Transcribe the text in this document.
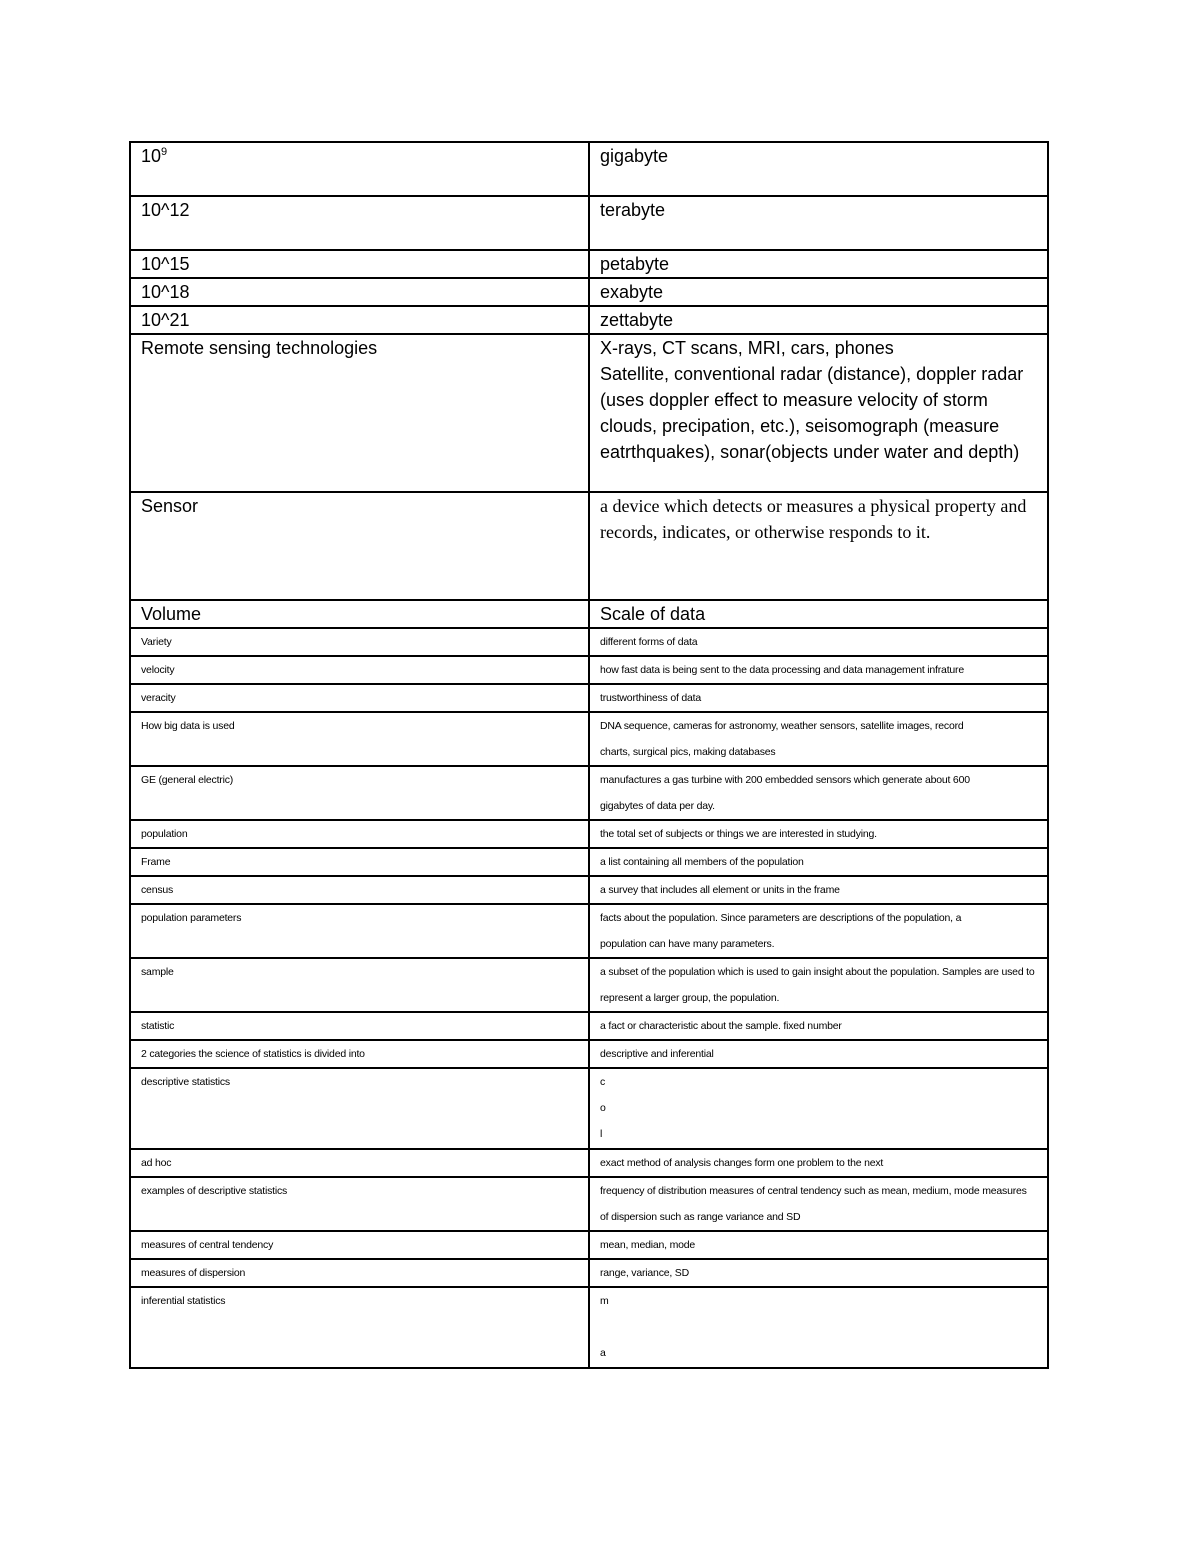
$10^9$	gigabyte
10^12	terabyte
10^15	petabyte
10^18	exabyte
10^21	zettabyte
Remote sensing technologies	X-rays, CT scans, MRI, cars, phones
Satellite, conventional radar (distance), doppler radar (uses doppler effect to measure velocity of storm clouds, precipation, etc.), seisomograph (measure eatrthquakes), sonar(objects under water and depth)

Sensor	a device which detects or measures a physical property and records, indicates, or otherwise responds to it.
Volume	Scale of data
Variety	different forms of data
velocity	how fast data is being sent to the data processing and data management infrature
veracity	trustworthiness of data
How big data is used	DNA sequence, cameras for astronomy, weather sensors, satellite images, record
charts, surgical pics, making databases

GE (general electric)	manufactures a gas turbine with 200 embedded sensors which generate about 600
gigabytes of data per day.

population	the total set of subjects or things we are interested in studying.
Frame	a list containing all members of the population
census	a survey that includes all element or units in the frame
population parameters	facts about the population. Since parameters are descriptions of the population, a
population can have many parameters.

sample	a subset of the population which is used to gain insight about the population. Samples are used to represent a larger group, the population.
statistic	a fact or characteristic about the sample. fixed number
2 categories the science of statistics is divided into	descriptive and inferential
descriptive statistics	c
o
l

ad hoc	exact method of analysis changes form one problem to the next
examples of descriptive statistics	frequency of distribution measures of central tendency such as mean, medium, mode measures of dispersion such as range variance and SD
measures of central tendency	mean, median, mode
measures of dispersion	range, variance, SD
inferential statistics	m

a
